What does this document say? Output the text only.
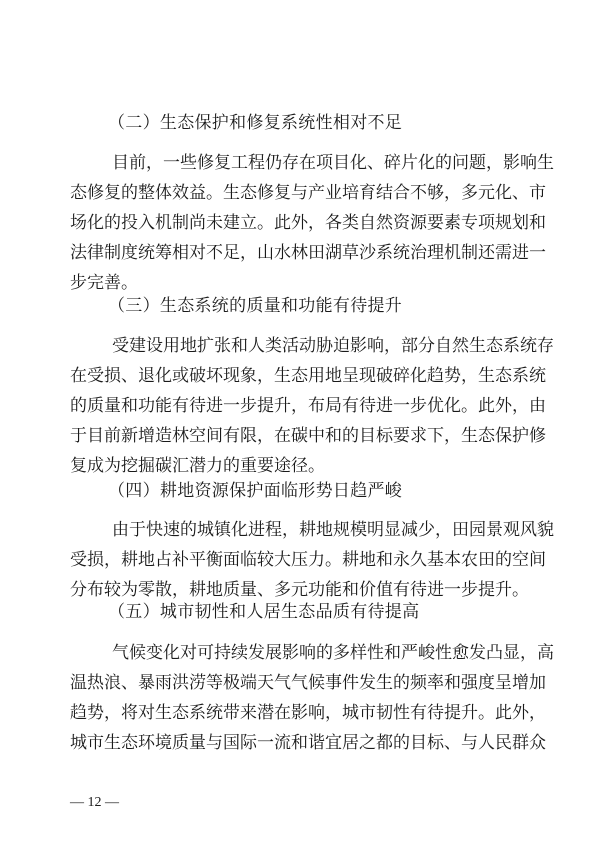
（二）生态保护和修复系统性相对不足
目前，一些修复工程仍存在项目化、碎片化的问题，影响生
态修复的整体效益。生态修复与产业培育结合不够，多元化、市
场化的投入机制尚未建立。此外，各类自然资源要素专项规划和
法律制度统筹相对不足，山水林田湖草沙系统治理机制还需进一
步完善。
（三）生态系统的质量和功能有待提升
受建设用地扩张和人类活动胁迫影响，部分自然生态系统存
在受损、退化或破坏现象，生态用地呈现破碎化趋势，生态系统
的质量和功能有待进一步提升，布局有待进一步优化。此外，由
于目前新增造林空间有限，在碳中和的目标要求下，生态保护修
复成为挖掘碳汇潜力的重要途径。
（四）耕地资源保护面临形势日趋严峻
由于快速的城镇化进程，耕地规模明显减少，田园景观风貌
受损，耕地占补平衡面临较大压力。耕地和永久基本农田的空间
分布较为零散，耕地质量、多元功能和价值有待进一步提升。
（五）城市韧性和人居生态品质有待提高
气候变化对可持续发展影响的多样性和严峻性愈发凸显，高
温热浪、暴雨洪涝等极端天气气候事件发生的频率和强度呈增加
趋势，将对生态系统带来潜在影响，城市韧性有待提升。此外，
城市生态环境质量与国际一流和谐宜居之都的目标、与人民群众
— 12 —
